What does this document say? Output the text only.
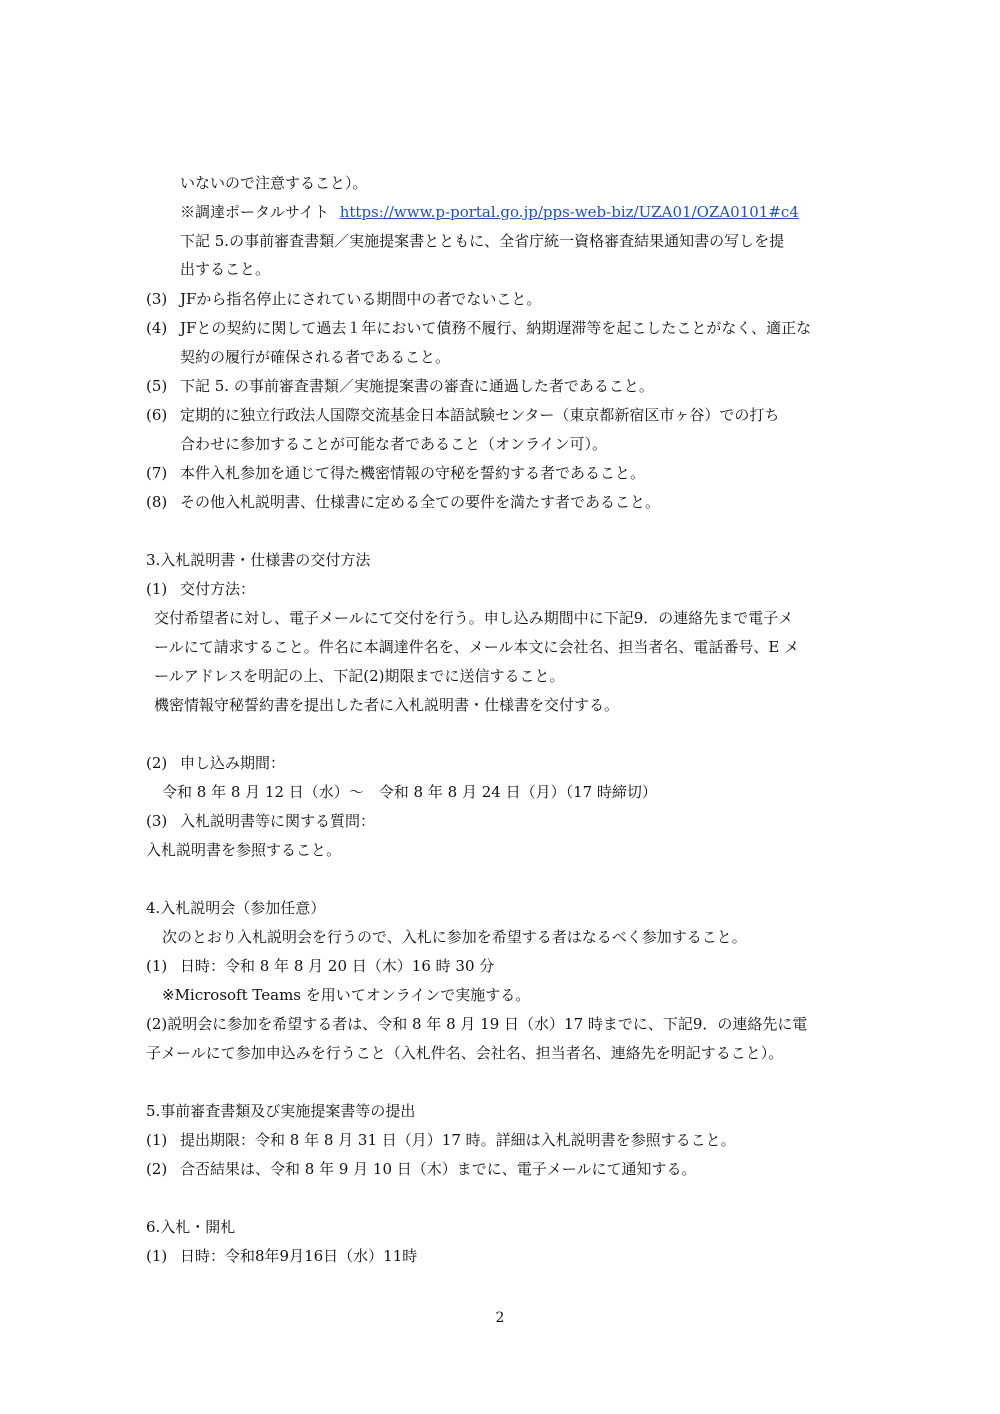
いないので注意すること）。
※調達ポータルサイト https://www.p-portal.go.jp/pps-web-biz/UZA01/OZA0101#c4
下記 5.の事前審査書類／実施提案書とともに、全省庁統一資格審査結果通知書の写しを提
出すること。
(3) JFから指名停止にされている期間中の者でないこと。
(4) JFとの契約に関して過去１年において債務不履行、納期遅滞等を起こしたことがなく、適正な
契約の履行が確保される者であること。
(5) 下記 5. の事前審査書類／実施提案書の審査に通過した者であること。
(6) 定期的に独立行政法人国際交流基金日本語試験センター（東京都新宿区市ヶ谷）での打ち
合わせに参加することが可能な者であること（オンライン可）。
(7) 本件入札参加を通じて得た機密情報の守秘を誓約する者であること。
(8) その他入札説明書、仕様書に定める全ての要件を満たす者であること。
3.入札説明書・仕様書の交付方法
(1) 交付方法：
交付希望者に対し、電子メールにて交付を行う。申し込み期間中に下記9．の連絡先まで電子メ
ールにて請求すること。件名に本調達件名を、メール本文に会社名、担当者名、電話番号、E メ
ールアドレスを明記の上、下記(2)期限までに送信すること。
機密情報守秘誓約書を提出した者に入札説明書・仕様書を交付する。
(2) 申し込み期間：
令和 8 年 8 月 12 日（水）～　令和 8 年 8 月 24 日（月）（17 時締切）
(3) 入札説明書等に関する質問：
入札説明書を参照すること。
4.入札説明会（参加任意）
次のとおり入札説明会を行うので、入札に参加を希望する者はなるべく参加すること。
(1) 日時：令和 8 年 8 月 20 日（木）16 時 30 分
※Microsoft Teams を用いてオンラインで実施する。
(2)説明会に参加を希望する者は、令和 8 年 8 月 19 日（水）17 時までに、下記9．の連絡先に電
子メールにて参加申込みを行うこと（入札件名、会社名、担当者名、連絡先を明記すること）。
5.事前審査書類及び実施提案書等の提出
(1) 提出期限：令和 8 年 8 月 31 日（月）17 時。詳細は入札説明書を参照すること。
(2) 合否結果は、令和 8 年 9 月 10 日（木）までに、電子メールにて通知する。
6.入札・開札
(1) 日時：令和8年9月16日（水）11時
2
